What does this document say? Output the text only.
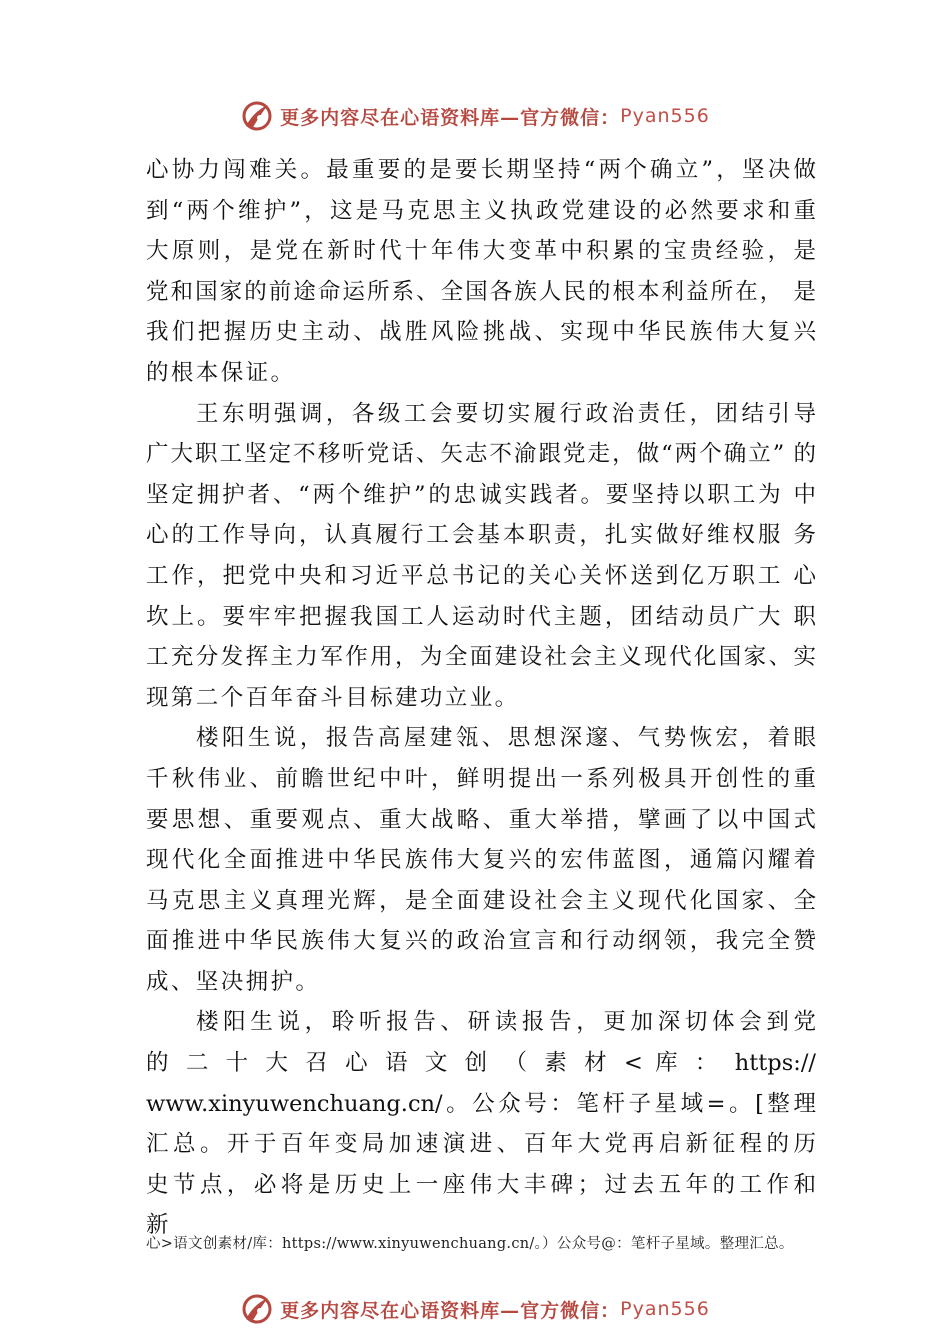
更多内容尽在心语资料库—官方微信： Pyan556
心协力闯难关。最重要的是要长期坚持“两个确立”，坚决做
到“两个维护”，这是马克思主义执政党建设的必然要求和重
大原则，是党在新时代十年伟大变革中积累的宝贵经验，是
党和国家的前途命运所系、全国各族人民的根本利益所在， 是
我们把握历史主动、战胜风险挑战、实现中华民族伟大复兴
的根本保证。
王东明强调，各级工会要切实履行政治责任，团结引导
广大职工坚定不移听党话、矢志不渝跟党走，做“两个确立” 的
坚定拥护者、“两个维护”的忠诚实践者。要坚持以职工为 中
心的工作导向，认真履行工会基本职责，扎实做好维权服 务
工作，把党中央和习近平总书记的关心关怀送到亿万职工 心
坎上。要牢牢把握我国工人运动时代主题，团结动员广大 职
工充分发挥主力军作用，为全面建设社会主义现代化国家、实
现第二个百年奋斗目标建功立业。
楼阳生说，报告高屋建瓴、思想深邃、气势恢宏，着眼
千秋伟业、前瞻世纪中叶，鲜明提出一系列极具开创性的重
要思想、重要观点、重大战略、重大举措，擘画了以中国式
现代化全面推进中华民族伟大复兴的宏伟蓝图，通篇闪耀着
马克思主义真理光辉，是全面建设社会主义现代化国家、全
面推进中华民族伟大复兴的政治宣言和行动纲领，我完全赞
成、坚决拥护。
楼阳生说，聆听报告、研读报告，更加深切体会到党
的 二 十 大 召 心 语 文 创 （ 素 材 < 库 ： https://
www.xinyuwenchuang.cn/。公众号：笔杆子星域=。[整理
汇总。开于百年变局加速演进、百年大党再启新征程的历
史节点，必将是历史上一座伟大丰碑；过去五年的工作和
新
心>语文创素材/库：https://www.xinyuwenchuang.cn/。）公众号@：笔杆子星域。整理汇总。
更多内容尽在心语资料库—官方微信： Pyan556
